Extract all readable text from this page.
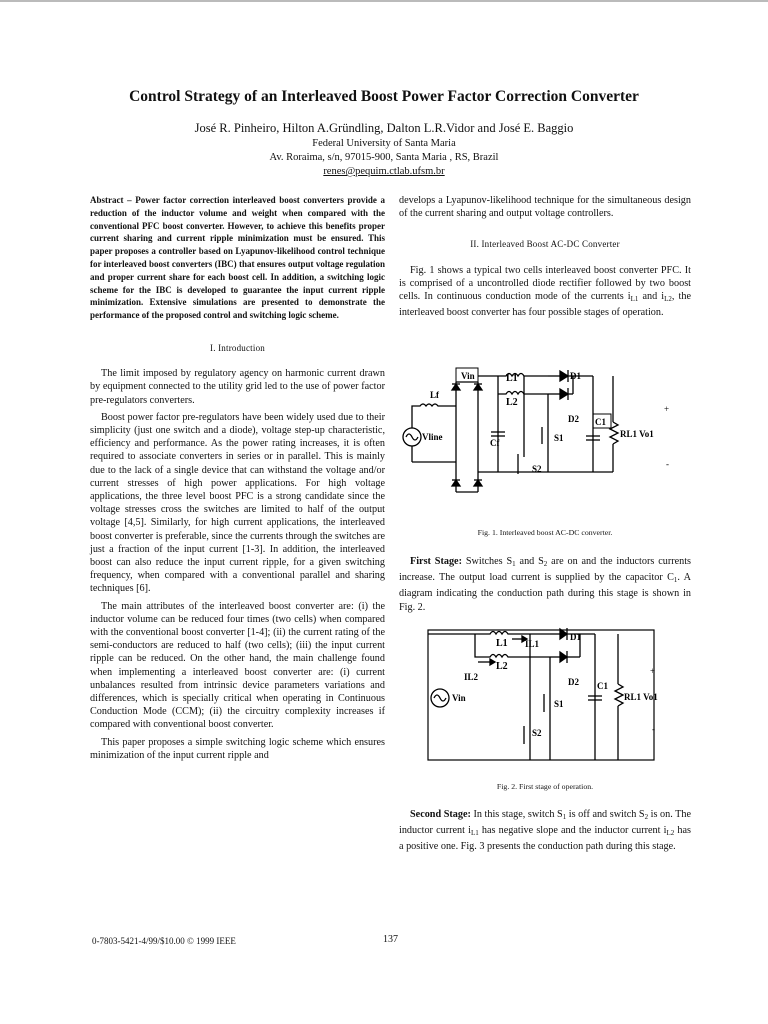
Control Strategy of an Interleaved Boost Power Factor Correction Converter
José R. Pinheiro, Hilton A.Gründling, Dalton L.R.Vidor and José E. Baggio
Federal University of Santa Maria
Av. Roraima, s/n, 97015-900, Santa Maria , RS, Brazil
renes@pequim.ctlab.ufsm.br
Abstract – Power factor correction interleaved boost converters provide a reduction of the inductor volume and weight when compared with the conventional PFC boost converter. However, to achieve this benefits proper current sharing and current ripple minimization must be ensured. This paper proposes a controller based on Lyapunov-likelihood control technique for interleaved boost converters (IBC) that ensures output voltage regulation and proper current share for each boost cell. In addition, a switching logic scheme for the IBC is developed to guarantee the input current ripple minimization. Extensive simulations are presented to demonstrate the performance of the proposed control and switching logic scheme.
I. Introduction

The limit imposed by regulatory agency on harmonic current drawn by equipment connected to the utility grid led to the use of power factor pre-regulators converters.

Boost power factor pre-regulators have been widely used due to their simplicity (just one switch and a diode), voltage step-up characteristic, efficiency and performance. As the power rating increases, it is often required to associate converters in series or in parallel. This is mainly due to the lack of a single device that can withstand the voltage and/or current stresses of high power applications. For high voltage applications, the three level boost PFC is a strong candidate since the voltage stresses cross the switches are limited to half of the output voltage [4,5]. Similarly, for high current applications, the interleaved boost converter is preferable, since the currents through the switches are just a fraction of the input current [1-3]. In addition, the interleaved boost can also reduce the input current ripple, for a given switching frequency, when compared with a conventional parallel and sharing techniques [6].

The main attributes of the interleaved boost converter are: (i) the inductor volume can be reduced four times (two cells) when compared with the conventional boost converter [1-4]; (ii) the current rating of the semi-conductors are reduced to half (two cells); (iii) the input current ripple can be reduced. On the other hand, the main challenge found when implementing a interleaved boost converter are: (i) current unbalances resulted from intrinsic device parameters variations and differences, which is specially critical when operating in Continuous Conduction Mode (CCM); (ii) the circuitry complexity increases if compared with conventional boost converter.

This paper proposes a simple switching logic scheme which ensures minimization of the input current ripple and

develops a Lyapunov-likelihood technique for the simultaneous design of the current sharing and output voltage controllers.

II. Interleaved Boost AC-DC Converter

Fig. 1 shows a typical two cells interleaved boost converter PFC. It is comprised of a uncontrolled diode rectifier followed by two boost cells. In continuous conduction mode of the currents $i_{L1}$ and $i_{L2}$, the interleaved boost converter has four possible stages of operation.

Vin	L1
L2
D1
D2 C1
Lf
Cf	S1
S2
Vline	RL1 Vo1
+
-
Fig. 1. Interleaved boost AC-DC converter.

First Stage: Switches $S_1$ and $S_2$ are on and the inductors currents increase. The output load current is supplied by the capacitor $C_1$. A diagram indicating the conduction path during this stage is shown in Fig. 2.

L1 IL1
L2
IL2
D1
D2 C1
Vin
S1
S2
RL1 Vo1
+
-
Fig. 2. First stage of operation.

Second Stage: In this stage, switch $S_1$ is off and switch $S_2$ is on. The inductor current $i_{L1}$ has negative slope and the inductor current $i_{L2}$ has a positive one. Fig. 3 presents the conduction path during this stage.

0-7803-5421-4/99/$10.00 © 1999 IEEE	137
